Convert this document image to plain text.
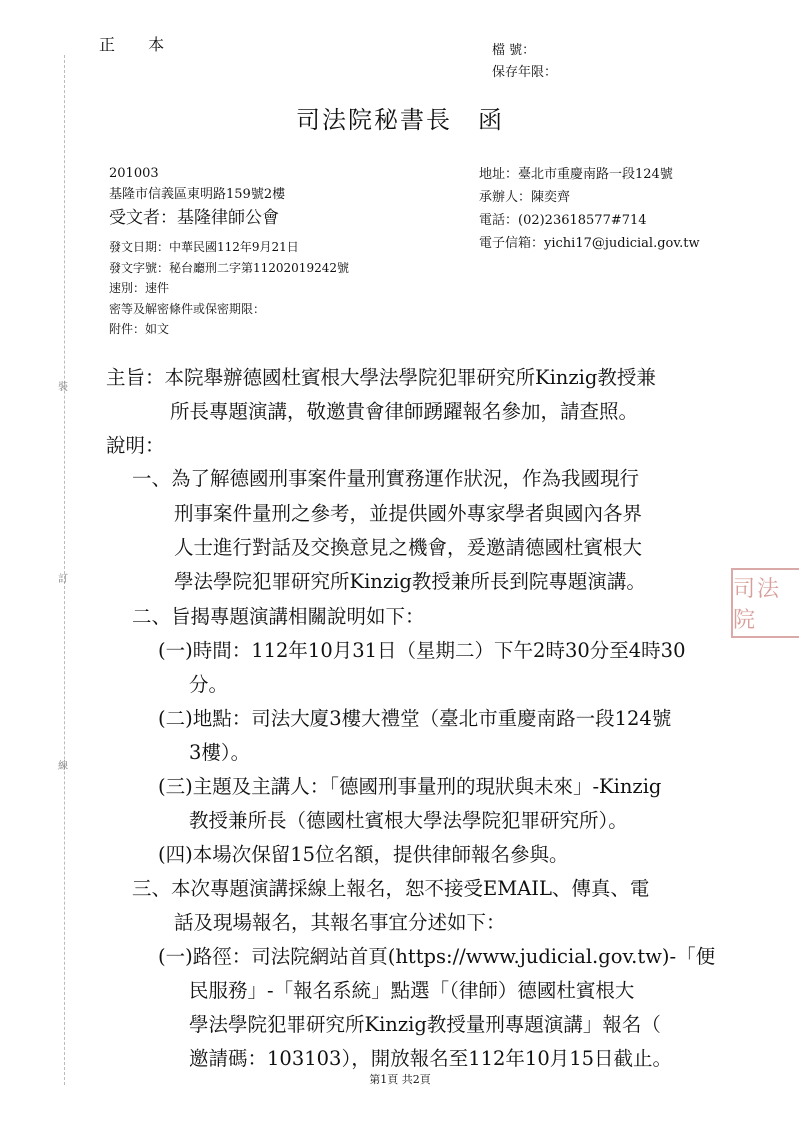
正 本	檔 號：
保存年限：
司法院秘書長 函
201003
基隆市信義區東明路159號2樓
受文者：基隆律師公會
地址：臺北市重慶南路一段124號
承辦人：陳奕齊
電話：(02)23618577#714
電子信箱：yichi17@judicial.gov.tw
發文日期：中華民國112年9月21日
發文字號：秘台廳刑二字第11202019242號
速別：速件
密等及解密條件或保密期限：
附件：如文
裝
訂
線
司法院
主旨：本院舉辦德國杜賓根大學法學院犯罪研究所Kinzig教授兼
所長專題演講，敬邀貴會律師踴躍報名參加，請查照。
說明：
一、為了解德國刑事案件量刑實務運作狀況，作為我國現行
刑事案件量刑之參考，並提供國外專家學者與國內各界
人士進行對話及交換意見之機會，爰邀請德國杜賓根大
學法學院犯罪研究所Kinzig教授兼所長到院專題演講。
二、旨揭專題演講相關說明如下：
(一)時間：112年10月31日（星期二）下午2時30分至4時30
分。
(二)地點：司法大廈3樓大禮堂（臺北市重慶南路一段124號
3樓）。
(三)主題及主講人：「德國刑事量刑的現狀與未來」-Kinzig
教授兼所長（德國杜賓根大學法學院犯罪研究所）。
(四)本場次保留15位名額，提供律師報名參與。
三、本次專題演講採線上報名，恕不接受EMAIL、傳真、電
話及現場報名，其報名事宜分述如下：
(一)路徑：司法院網站首頁(https://www.judicial.gov.tw)-「便
民服務」-「報名系統」點選「（律師）德國杜賓根大
學法學院犯罪研究所Kinzig教授量刑專題演講」報名（
邀請碼：103103），開放報名至112年10月15日截止。
第1頁 共2頁
